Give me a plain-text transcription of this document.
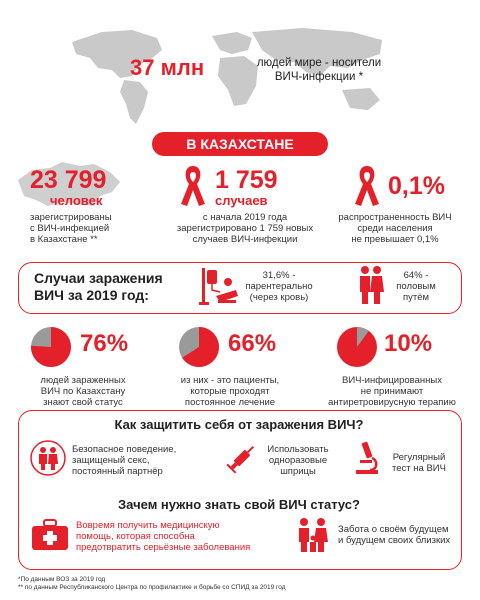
37 млн	людей мире - носители
ВИЧ-инфекции *
В КАЗАХСТАНЕ
23 799
человек
зарегистрированы
с ВИЧ-инфекцией
в Казахстане **
1 759
случаев
с начала 2019 года
зарегистрировано 1 759 новых
случаев ВИЧ-инфекции
0,1%
распространенность ВИЧ
среди населения
не превышает 0,1%
Случаи заражения
ВИЧ за 2019 год:
31,6% -
парентерально
(через кровь)
64% -
половым
путём
76%
людей зараженных
ВИЧ по Казахстану
знают свой статус
66%
из них - это пациенты,
которые проходят
постоянное лечение
10%
ВИЧ-инфицированных
не принимают
антиретровирусную терапию
Как защитить себя от заражения ВИЧ?
Безопасное поведение,
защищеный секс,
постоянный партнёр
Использовать
одноразовые
шприцы
Регулярный
тест на ВИЧ
Зачем нужно знать свой ВИЧ статус?
Вовремя получить медицинскую
помощь, которая способна
предотвратить серьёзные заболевания
Забота о своём будущем
и будущем своих близких
*По данным ВОЗ за 2019 год
** по данным Республиканского Центра по профилактике и борьбе со СПИД за 2019 год
